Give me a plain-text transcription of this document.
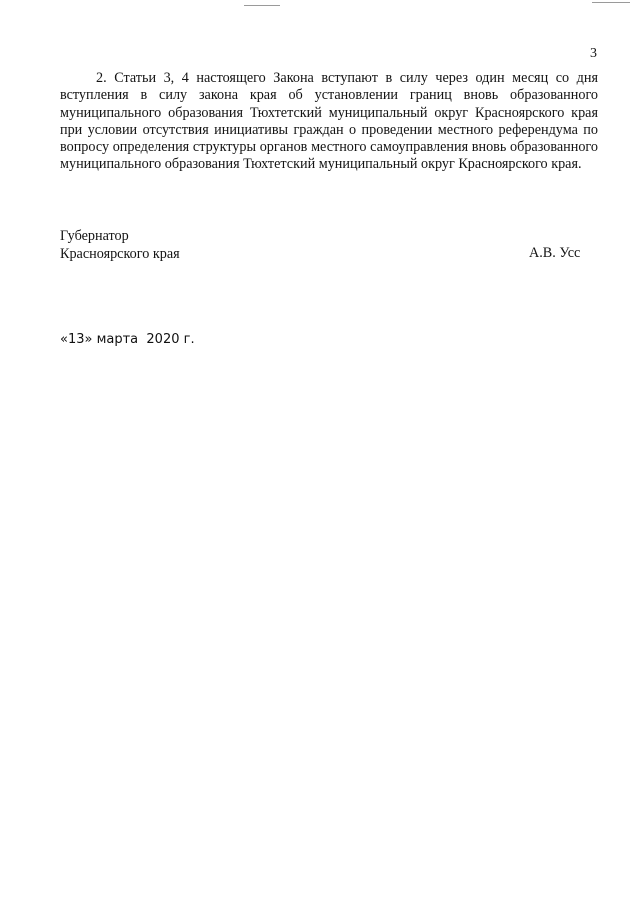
3

2. Статьи 3, 4 настоящего Закона вступают в силу через один месяц со дня вступления в силу закона края об установлении границ вновь образованного муниципального образования Тюхтетский муниципальный округ Красноярского края при условии отсутствия инициативы граждан о проведении местного референдума по вопросу определения структуры органов местного самоуправления вновь образованного муниципального образования Тюхтетский муниципальный округ Красноярского края.

Губернатор
Красноярского края	А.В. Усс
«13» марта  2020 г.
